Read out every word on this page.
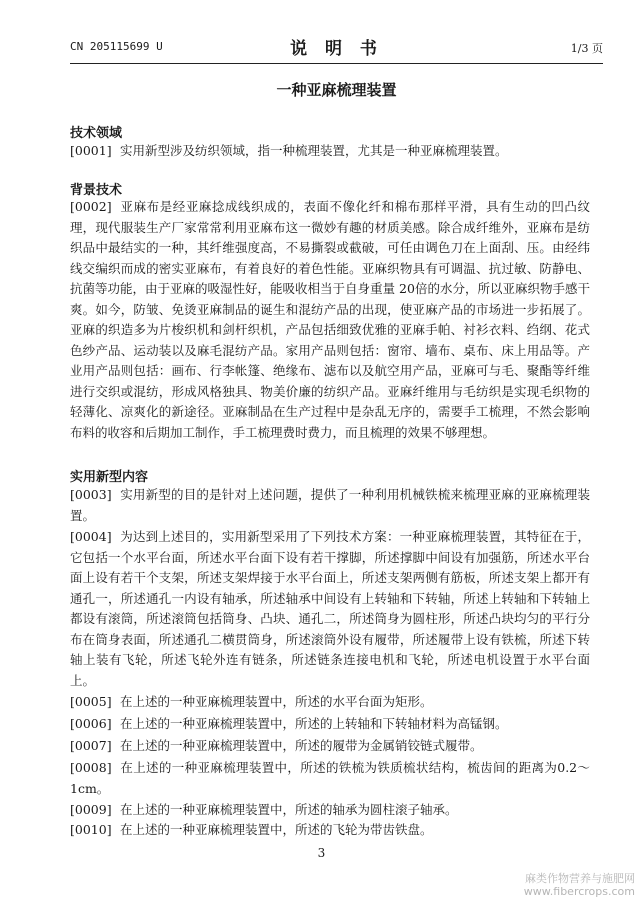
CN 205115699 U	说 明 书	1/3 页
一种亚麻梳理装置
技术领域
[0001] 实用新型涉及纺织领域，指一种梳理装置，尤其是一种亚麻梳理装置。
背景技术
[0002] 亚麻布是经亚麻捻成线织成的，表面不像化纤和棉布那样平滑，具有生动的凹凸纹理，现代服装生产厂家常常利用亚麻布这一微妙有趣的材质美感。除合成纤维外，亚麻布是纺织品中最结实的一种，其纤维强度高，不易撕裂或截破，可任由调色刀在上面刮、压。由经纬线交编织而成的密实亚麻布，有着良好的着色性能。亚麻织物具有可调温、抗过敏、防静电、抗菌等功能，由于亚麻的吸湿性好，能吸收相当于自身重量 20倍的水分，所以亚麻织物手感干爽。如今，防皱、免烫亚麻制品的诞生和混纺产品的出现，使亚麻产品的市场进一步拓展了。亚麻的织造多为片梭织机和剑杆织机，产品包括细致优雅的亚麻手帕、衬衫衣料、绉纲、花式色纱产品、运动装以及麻毛混纺产品。家用产品则包括：窗帘、墙布、桌布、床上用品等。产业用产品则包括：画布、行李帐篷、绝缘布、滤布以及航空用产品，亚麻可与毛、聚酯等纤维进行交织或混纺，形成风格独具、物美价廉的纺织产品。亚麻纤维用与毛纺织是实现毛织物的轻薄化、凉爽化的新途径。亚麻制品在生产过程中是杂乱无序的，需要手工梳理，不然会影响布料的收容和后期加工制作，手工梳理费时费力，而且梳理的效果不够理想。
实用新型内容
[0003] 实用新型的目的是针对上述问题，提供了一种利用机械铁梳来梳理亚麻的亚麻梳理装置。
[0004] 为达到上述目的，实用新型采用了下列技术方案：一种亚麻梳理装置，其特征在于，它包括一个水平台面，所述水平台面下设有若干撑脚，所述撑脚中间设有加强筋，所述水平台面上设有若干个支架，所述支架焊接于水平台面上，所述支架两侧有筋板，所述支架上都开有通孔一，所述通孔一内设有轴承，所述轴承中间设有上转轴和下转轴，所述上转轴和下转轴上都设有滚筒，所述滚筒包括筒身、凸块、通孔二，所述筒身为圆柱形，所述凸块均匀的平行分布在筒身表面，所述通孔二横贯筒身，所述滚筒外设有履带，所述履带上设有铁梳，所述下转轴上装有飞轮，所述飞轮外连有链条，所述链条连接电机和飞轮，所述电机设置于水平台面上。
[0005] 在上述的一种亚麻梳理装置中，所述的水平台面为矩形。
[0006] 在上述的一种亚麻梳理装置中，所述的上转轴和下转轴材料为高锰钢。
[0007] 在上述的一种亚麻梳理装置中，所述的履带为金属销铰链式履带。
[0008] 在上述的一种亚麻梳理装置中，所述的铁梳为铁质梳状结构，梳齿间的距离为0.2～1cm。
[0009] 在上述的一种亚麻梳理装置中，所述的轴承为圆柱滚子轴承。
[0010] 在上述的一种亚麻梳理装置中，所述的飞轮为带齿铁盘。
3
麻类作物营养与施肥网
www.fibercrops.com
